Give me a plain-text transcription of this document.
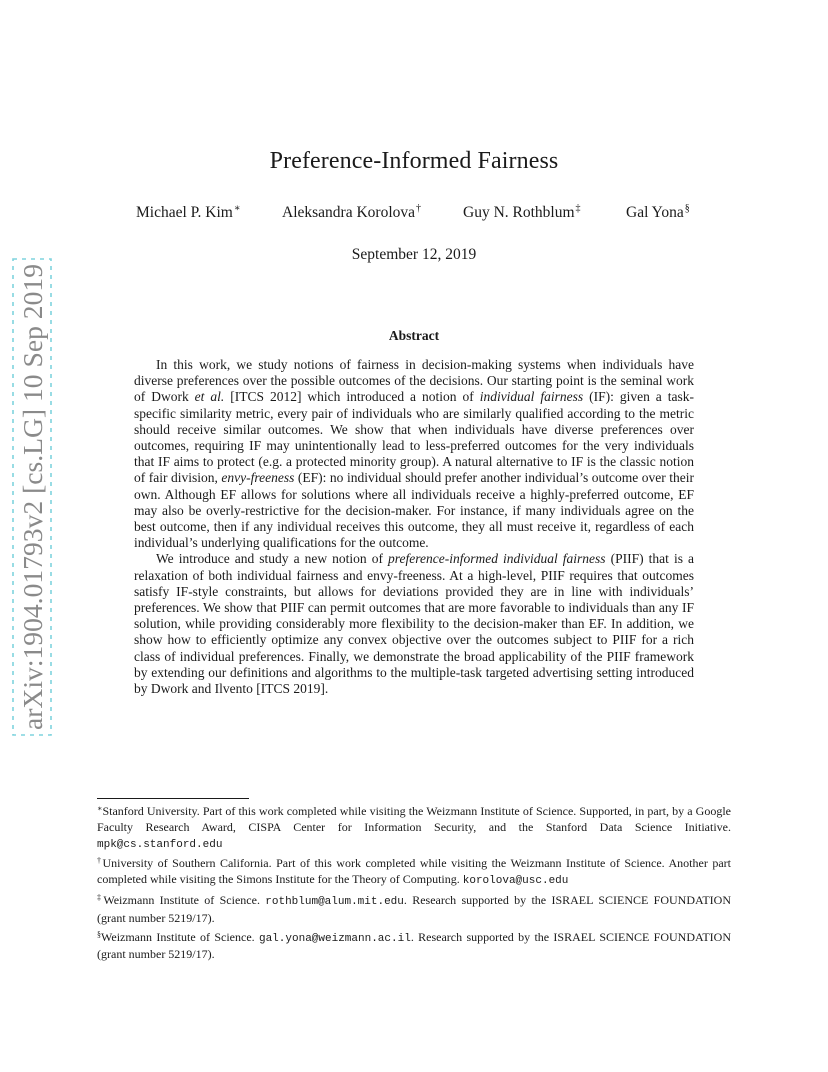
arXiv:1904.01793v2 [cs.LG] 10 Sep 2019
Preference-Informed Fairness
Michael P. Kim∗	Aleksandra Korolova†	Guy N. Rothblum‡	Gal Yona§
September 12, 2019
Abstract

In this work, we study notions of fairness in decision-making systems when individuals have diverse preferences over the possible outcomes of the decisions. Our starting point is the seminal work of Dwork et al. [ITCS 2012] which introduced a notion of individual fairness (IF): given a task-specific similarity metric, every pair of individuals who are similarly qualified according to the metric should receive similar outcomes. We show that when individuals have diverse preferences over outcomes, requiring IF may unintentionally lead to less-preferred outcomes for the very individuals that IF aims to protect (e.g. a protected minority group). A natural alternative to IF is the classic notion of fair division, envy-freeness (EF): no individual should prefer another individual’s outcome over their own. Although EF allows for solutions where all individuals receive a highly-preferred outcome, EF may also be overly-restrictive for the decision-maker. For instance, if many individuals agree on the best outcome, then if any individual receives this outcome, they all must receive it, regardless of each individual’s underlying qualifications for the outcome.

We introduce and study a new notion of preference-informed individual fairness (PIIF) that is a relaxation of both individual fairness and envy-freeness. At a high-level, PIIF requires that outcomes satisfy IF-style constraints, but allows for deviations provided they are in line with individuals’ preferences. We show that PIIF can permit outcomes that are more favorable to individuals than any IF solution, while providing considerably more flexibility to the decision-maker than EF. In addition, we show how to efficiently optimize any convex objective over the outcomes subject to PIIF for a rich class of individual preferences. Finally, we demonstrate the broad applicability of the PIIF framework by extending our definitions and algorithms to the multiple-task targeted advertising setting introduced by Dwork and Ilvento [ITCS 2019].

∗Stanford University. Part of this work completed while visiting the Weizmann Institute of Science. Supported, in part, by a Google Faculty Research Award, CISPA Center for Information Security, and the Stanford Data Science Initiative. mpk@cs.stanford.edu

†University of Southern California. Part of this work completed while visiting the Weizmann Institute of Science. Another part completed while visiting the Simons Institute for the Theory of Computing. korolova@usc.edu

‡Weizmann Institute of Science. rothblum@alum.mit.edu. Research supported by the ISRAEL SCIENCE FOUNDATION (grant number 5219/17).

§Weizmann Institute of Science. gal.yona@weizmann.ac.il. Research supported by the ISRAEL SCIENCE FOUNDATION (grant number 5219/17).
